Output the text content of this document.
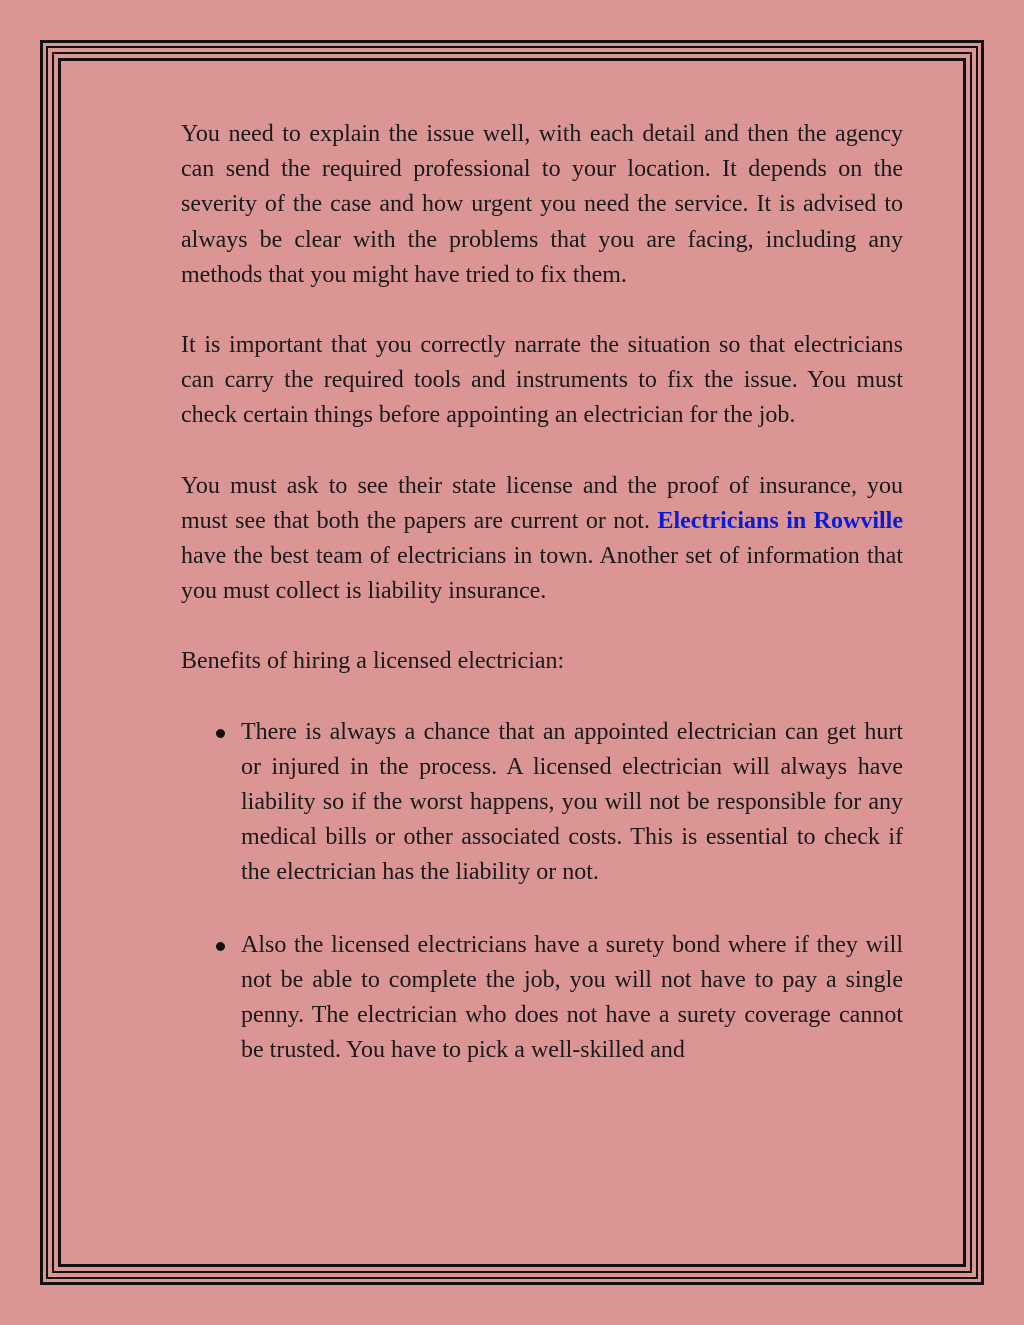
You need to explain the issue well, with each detail and then the agency can send the required professional to your location. It depends on the severity of the case and how urgent you need the service. It is advised to always be clear with the problems that you are facing, including any methods that you might have tried to fix them.

It is important that you correctly narrate the situation so that electricians can carry the required tools and instruments to fix the issue. You must check certain things before appointing an electrician for the job.

You must ask to see their state license and the proof of insurance, you must see that both the papers are current or not. Electricians in Rowville have the best team of electricians in town. Another set of information that you must collect is liability insurance.

Benefits of hiring a licensed electrician:
There is always a chance that an appointed electrician can get hurt or injured in the process. A licensed electrician will always have liability so if the worst happens, you will not be responsible for any medical bills or other associated costs. This is essential to check if the electrician has the liability or not.
Also the licensed electricians have a surety bond where if they will not be able to complete the job, you will not have to pay a single penny. The electrician who does not have a surety coverage cannot be trusted. You have to pick a well-skilled and
